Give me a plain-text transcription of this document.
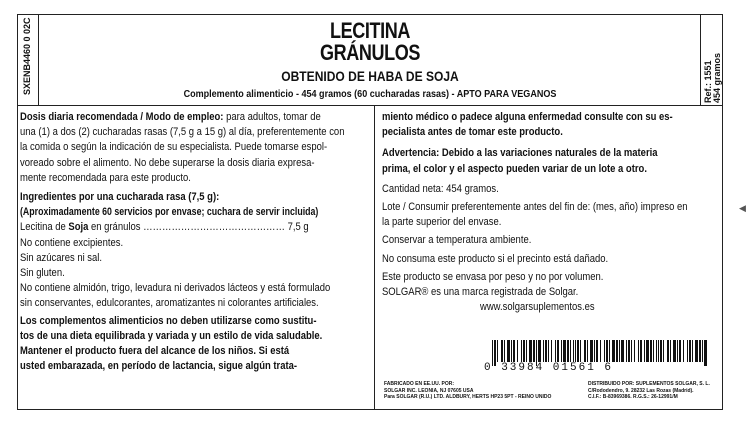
SXENB4460 0 02C	Ref.: 1551 454 gramos
LECITINA
GRÁNULOS
OBTENIDO DE HABA DE SOJA
Complemento alimenticio - 454 gramos (60 cucharadas rasas) - APTO PARA VEGANOS
Dosis diaria recomendada / Modo de empleo: para adultos, tomar de
una (1) a dos (2) cucharadas rasas (7,5 g a 15 g) al día, preferentemente con
la comida o según la indicación de su especialista. Puede tomarse espol-
voreado sobre el alimento. No debe superarse la dosis diaria expresa-
mente recomendada para este producto.
Ingredientes por una cucharada rasa (7,5 g):
(Aproximadamente 60 servicios por envase; cuchara de servir incluida)
Lecitina de Soja en gránulos ……………………………………… 7,5 g
No contiene excipientes.
Sin azúcares ni sal.
Sin gluten.
No contiene almidón, trigo, levadura ni derivados lácteos y está formulado
sin conservantes, edulcorantes, aromatizantes ni colorantes artificiales.
Los complementos alimenticios no deben utilizarse como sustitu-
tos de una dieta equilibrada y variada y un estilo de vida saludable.
Mantener el producto fuera del alcance de los niños. Si está
usted embarazada, en período de lactancia, sigue algún trata-
miento médico o padece alguna enfermedad consulte con su es-
pecialista antes de tomar este producto.
Advertencia: Debido a las variaciones naturales de la materia
prima, el color y el aspecto pueden variar de un lote a otro.
Cantidad neta: 454 gramos.
Lote / Consumir preferentemente antes del fin de: (mes, año) impreso en
la parte superior del envase.
Conservar a temperatura ambiente.
No consuma este producto si el precinto está dañado.
Este producto se envasa por peso y no por volumen.
SOLGAR® es una marca registrada de Solgar.
www.solgarsuplementos.es
FABRICADO EN EE.UU. POR:
SOLGAR INC. LEONIA, NJ 07605 USA
Para SOLGAR (R.U.) LTD. ALDBURY, HERTS HP23 5PT - REINO UNIDO
DISTRIBUIDO POR: SUPLEMENTOS SOLGAR, S. L.
C/Rododendro, 9. 28232 Las Rozas (Madrid).
C.I.F.: B-83969386. R.G.S.: 26-12991/M
0 33984 01561 6
◀
